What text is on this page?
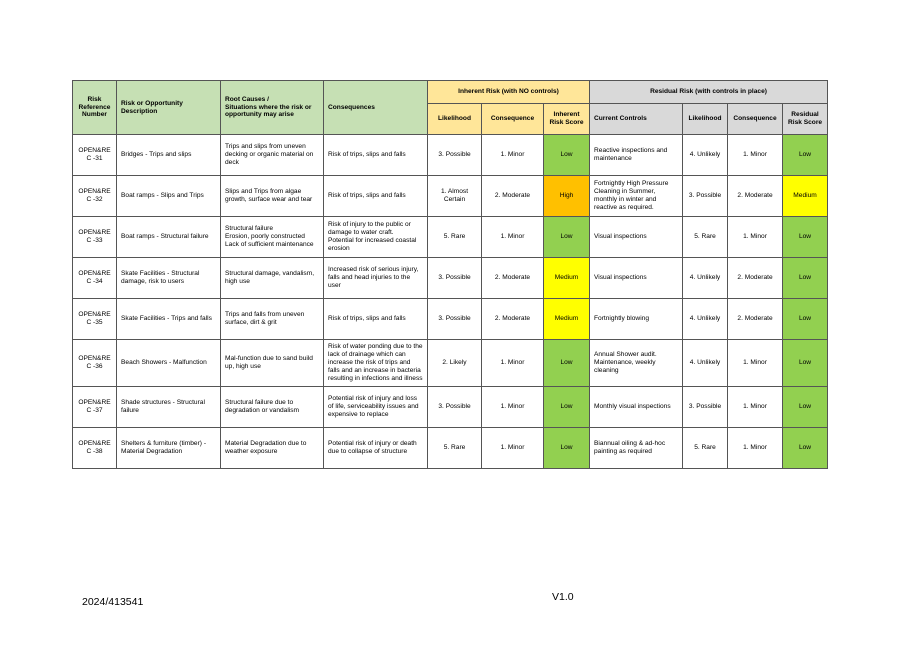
Risk Reference Number	Risk or Opportunity Description	Root Causes /
Situations where the risk or opportunity may arise	Consequences	Inherent Risk (with NO controls)			Residual Risk (with controls in place)			
				Likelihood	Consequence	Inherent Risk Score	Current Controls	Likelihood	Consequence	Residual Risk Score
OPEN&RE C -31	Bridges - Trips and slips	Trips and slips from uneven decking or organic material on deck	Risk of trips, slips and falls	3. Possible	1. Minor	Low	Reactive inspections and maintenance	4. Unlikely	1. Minor	Low
OPEN&RE C -32	Boat ramps - Slips and Trips	Slips and Trips from algae growth, surface wear and tear	Risk of trips, slips and falls	1. Almost Certain	2. Moderate	High	Fortnightly High Pressure Cleaning in Summer, monthly in winter and reactive as required.	3. Possible	2. Moderate	Medium
OPEN&RE C -33	Boat ramps - Structural failure	Structural failure
Erosion, poorly constructed
Lack of sufficient maintenance	Risk of injury to the public or damage to water craft.
Potential for increased coastal erosion	5. Rare	1. Minor	Low	Visual inspections	5. Rare	1. Minor	Low
OPEN&RE C -34	Skate Facilities - Structural damage, risk to users	Structural damage, vandalism, high use	Increased risk of serious injury, falls and head injuries to the user	3. Possible	2. Moderate	Medium	Visual inspections	4. Unlikely	2. Moderate	Low
OPEN&RE C -35	Skate Facilities - Trips and falls	Trips and falls from uneven surface, dirt & grit	Risk of trips, slips and falls	3. Possible	2. Moderate	Medium	Fortnightly blowing	4. Unlikely	2. Moderate	Low
OPEN&RE C -36	Beach Showers - Malfunction	Mal-function due to sand build up, high use	Risk of water ponding due to the lack of drainage which can increase the risk of trips and falls and an increase in bacteria resulting in infections and illness	2. Likely	1. Minor	Low	Annual Shower audit. Maintenance, weekly cleaning	4. Unlikely	1. Minor	Low
OPEN&RE C -37	Shade structures - Structural failure	Structural failure due to degradation or vandalism	Potential risk of injury and loss of life, serviceability issues and expensive to replace	3. Possible	1. Minor	Low	Monthly visual inspections	3. Possible	1. Minor	Low
OPEN&RE C -38	Shelters & furniture (timber) - Material Degradation	Material Degradation due to weather exposure	Potential risk of injury or death due to collapse of structure	5. Rare	1. Minor	Low	Biannual oiling & ad-hoc painting as required	5. Rare	1. Minor	Low
2024/413541	V1.0
